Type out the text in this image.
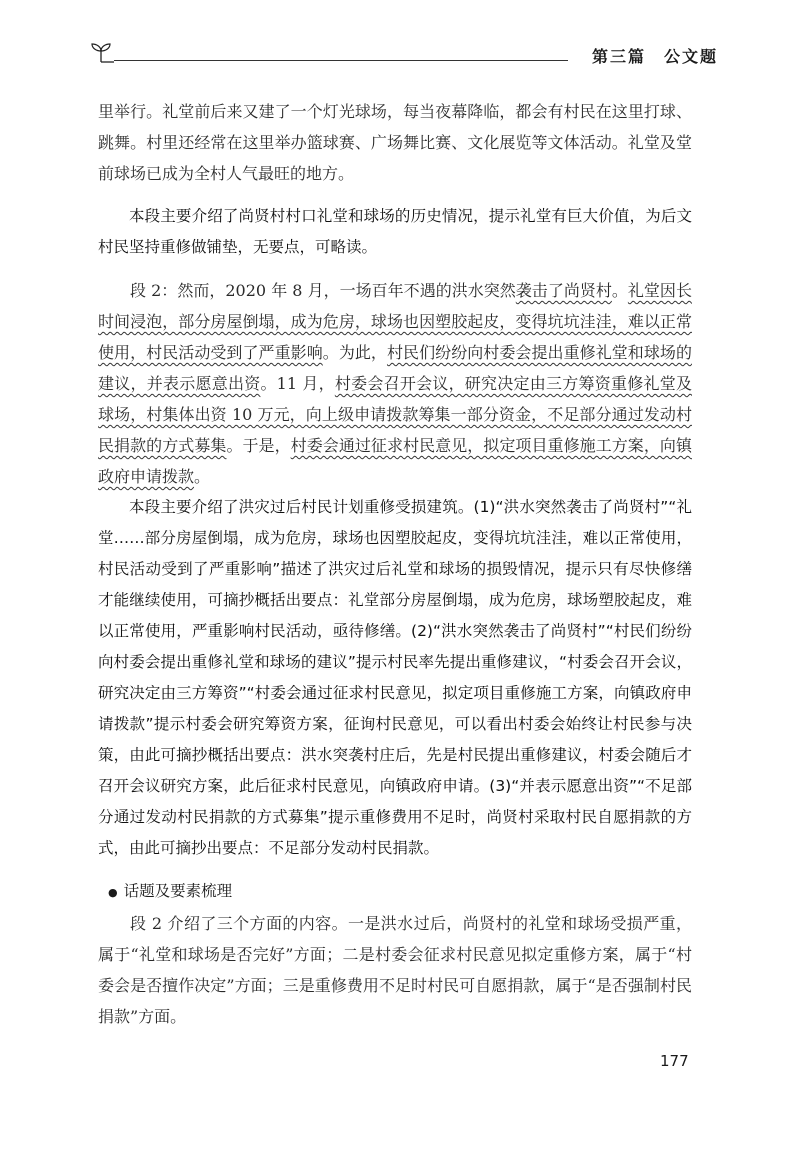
第三篇　公文题

里举行。礼堂前后来又建了一个灯光球场，每当夜幕降临，都会有村民在这里打球、跳舞。村里还经常在这里举办篮球赛、广场舞比赛、文化展览等文体活动。礼堂及堂前球场已成为全村人气最旺的地方。

本段主要介绍了尚贤村村口礼堂和球场的历史情况，提示礼堂有巨大价值，为后文村民坚持重修做铺垫，无要点，可略读。

段 2：然而，2020 年 8 月，一场百年不遇的洪水突然袭击了尚贤村。礼堂因长时间浸泡，部分房屋倒塌，成为危房，球场也因塑胶起皮，变得坑坑洼洼，难以正常使用，村民活动受到了严重影响。为此，村民们纷纷向村委会提出重修礼堂和球场的建议，并表示愿意出资。11 月，村委会召开会议，研究决定由三方筹资重修礼堂及球场，村集体出资 10 万元，向上级申请拨款筹集一部分资金，不足部分通过发动村民捐款的方式募集。于是，村委会通过征求村民意见，拟定项目重修施工方案，向镇政府申请拨款。

本段主要介绍了洪灾过后村民计划重修受损建筑。(1)“洪水突然袭击了尚贤村”“礼堂……部分房屋倒塌，成为危房，球场也因塑胶起皮，变得坑坑洼洼，难以正常使用，村民活动受到了严重影响”描述了洪灾过后礼堂和球场的损毁情况，提示只有尽快修缮才能继续使用，可摘抄概括出要点：礼堂部分房屋倒塌，成为危房，球场塑胶起皮，难以正常使用，严重影响村民活动，亟待修缮。(2)“洪水突然袭击了尚贤村”“村民们纷纷向村委会提出重修礼堂和球场的建议”提示村民率先提出重修建议，“村委会召开会议，研究决定由三方筹资”“村委会通过征求村民意见，拟定项目重修施工方案，向镇政府申请拨款”提示村委会研究筹资方案，征询村民意见，可以看出村委会始终让村民参与决策，由此可摘抄概括出要点：洪水突袭村庄后，先是村民提出重修建议，村委会随后才召开会议研究方案，此后征求村民意见，向镇政府申请。(3)“并表示愿意出资”“不足部分通过发动村民捐款的方式募集”提示重修费用不足时，尚贤村采取村民自愿捐款的方式，由此可摘抄出要点：不足部分发动村民捐款。

● 话题及要素梳理

段 2 介绍了三个方面的内容。一是洪水过后，尚贤村的礼堂和球场受损严重，属于“礼堂和球场是否完好”方面；二是村委会征求村民意见拟定重修方案，属于“村委会是否擅作决定”方面；三是重修费用不足时村民可自愿捐款，属于“是否强制村民捐款”方面。

177
